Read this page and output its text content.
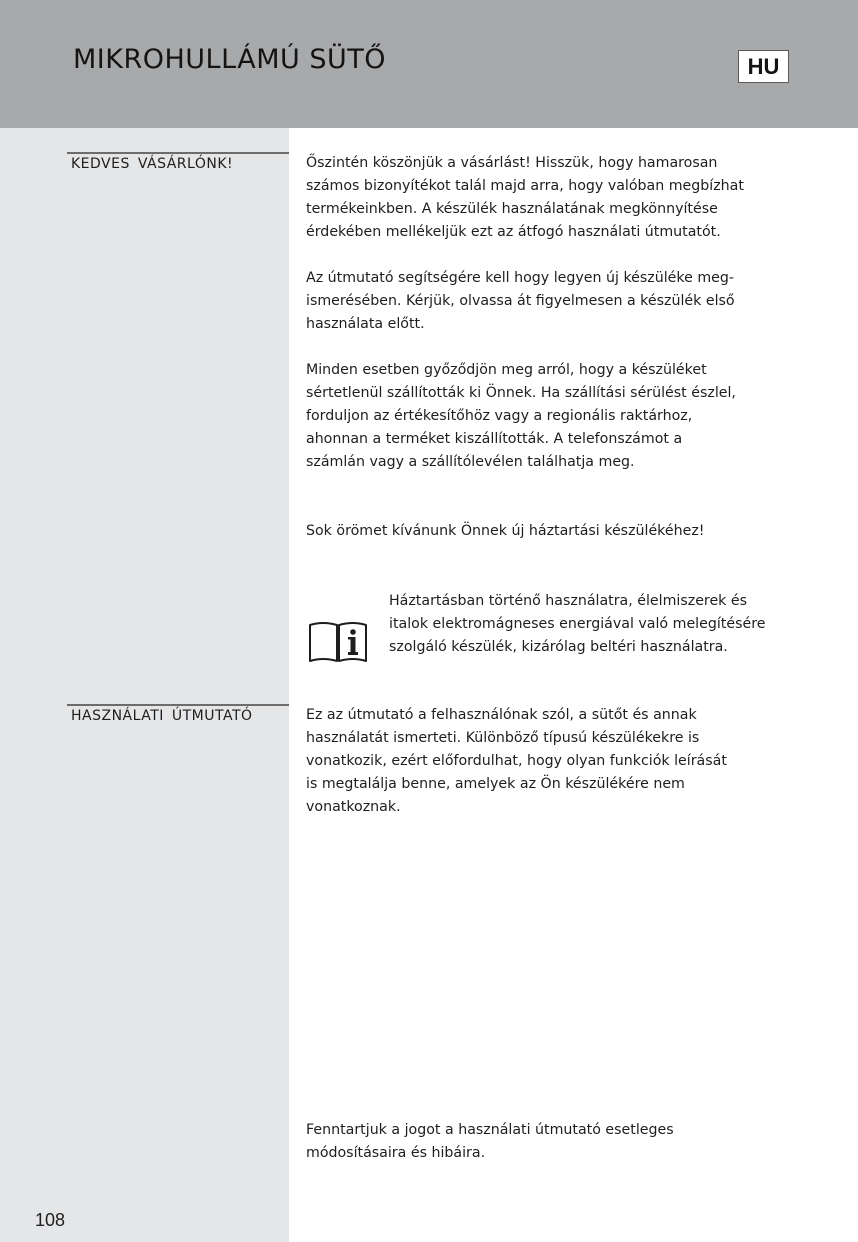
MIKROHULLÁMÚ SÜTŐ	HU
KEDVES VÁSÁRLÓNK!	Őszintén köszönjük a vásárlást! Hisszük, hogy hamarosan
számos bizonyítékot talál majd arra, hogy valóban megbízhat
termékeinkben. A készülék használatának megkönnyítése
érdekében mellékeljük ezt az átfogó használati útmutatót.

Az útmutató segítségére kell hogy legyen új készüléke meg-
ismerésében. Kérjük, olvassa át figyelmesen a készülék első
használata előtt.

Minden esetben győződjön meg arról, hogy a készüléket
sértetlenül szállították ki Önnek. Ha szállítási sérülést észlel,
forduljon az értékesítőhöz vagy a regionális raktárhoz,
ahonnan a terméket kiszállították. A telefonszámot a
számlán vagy a szállítólevélen találhatja meg.

Sok örömet kívánunk Önnek új háztartási készülékéhez!

Háztartásban történő használatra, élelmiszerek és
italok elektromágneses energiával való melegítésére
szolgáló készülék, kizárólag beltéri használatra.

HASZNÁLATI ÚTMUTATÓ	Ez az útmutató a felhasználónak szól, a sütőt és annak
használatát ismerteti. Különböző típusú készülékekre is
vonatkozik, ezért előfordulhat, hogy olyan funkciók leírását
is megtalálja benne, amelyek az Ön készülékére nem
vonatkoznak.

Fenntartjuk a jogot a használati útmutató esetleges
módosításaira és hibáira.

108
